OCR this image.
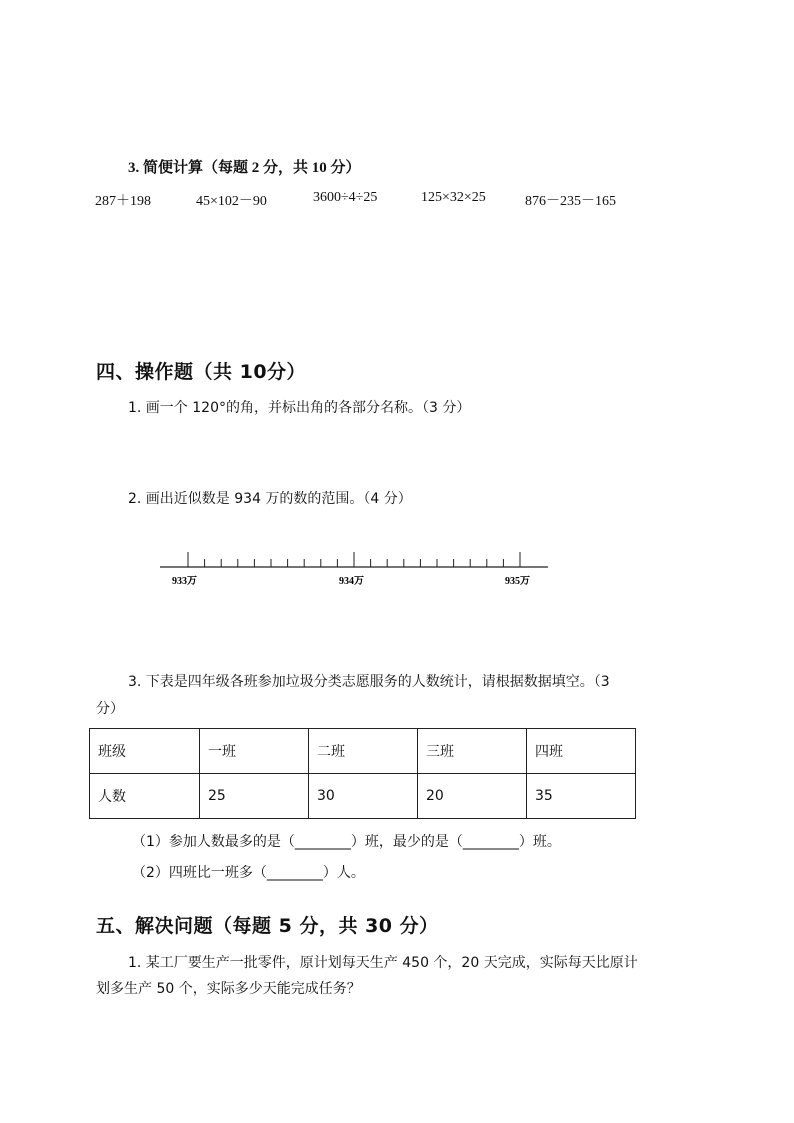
3. 简便计算（每题 2 分，共 10 分）
287＋198	45×102－90	3600÷4÷25	125×32×25	876－235－165
四、操作题（共 10分）
1. 画一个 120°的角，并标出角的各部分名称。（3 分）
2. 画出近似数是 934 万的数的范围。（4 分）
933万	934万	935万
3. 下表是四年级各班参加垃圾分类志愿服务的人数统计，请根据数据填空。（3
分）
班级	一班	二班	三班	四班
人数	25	30	20	35
（1）参加人数最多的是（________）班，最少的是（________）班。
（2）四班比一班多（________）人。
五、解决问题（每题 5 分，共 30 分）
1. 某工厂要生产一批零件，原计划每天生产 450 个，20 天完成，实际每天比原计
划多生产 50 个，实际多少天能完成任务？
